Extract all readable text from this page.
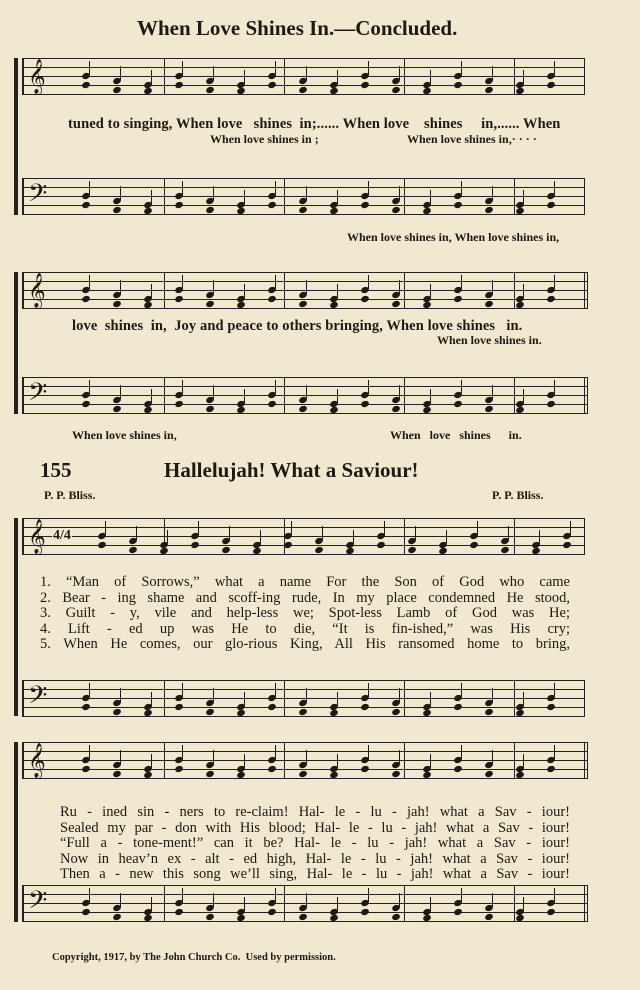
When Love Shines In.—Concluded.
𝄞
tuned to singing, When love   shines  in;...... When love    shines     in,...... When
When love shines in ;	When love shines in,· · · ·
𝄢
When love shines in, When love shines in,
𝄞
love  shines  in,  Joy and peace to others bringing, When love shines   in.
When love shines in.
𝄢
When love shines in,	When   love   shines      in.
155	Hallelujah! What a Saviour!
P. P. Bliss.	P. P. Bliss.
𝄞 4/4
1. “Man of Sorrows,” what a name For the Son of God who came
2. Bear - ing shame and scoff-ing rude, In my place condemned He stood,
3. Guilt - y, vile and help-less we; Spot-less Lamb of God was He;
4. Lift - ed up was He to die, “It is fin-ished,” was His cry;
5. When He comes, our glo-rious King, All His ransomed home to bring,
𝄢
𝄞
Ru - ined sin - ners to re-claim! Hal- le - lu - jah! what a Sav - iour!
Sealed my par - don with His blood; Hal- le - lu - jah! what a Sav - iour!
“Full a - tone-ment!” can it be? Hal- le - lu - jah! what a Sav - iour!
Now in heav’n ex - alt - ed high, Hal- le - lu - jah! what a Sav - iour!
Then a - new this song we’ll sing, Hal- le - lu - jah! what a Sav - iour!
𝄢
Copyright, 1917, by The John Church Co.  Used by permission.
